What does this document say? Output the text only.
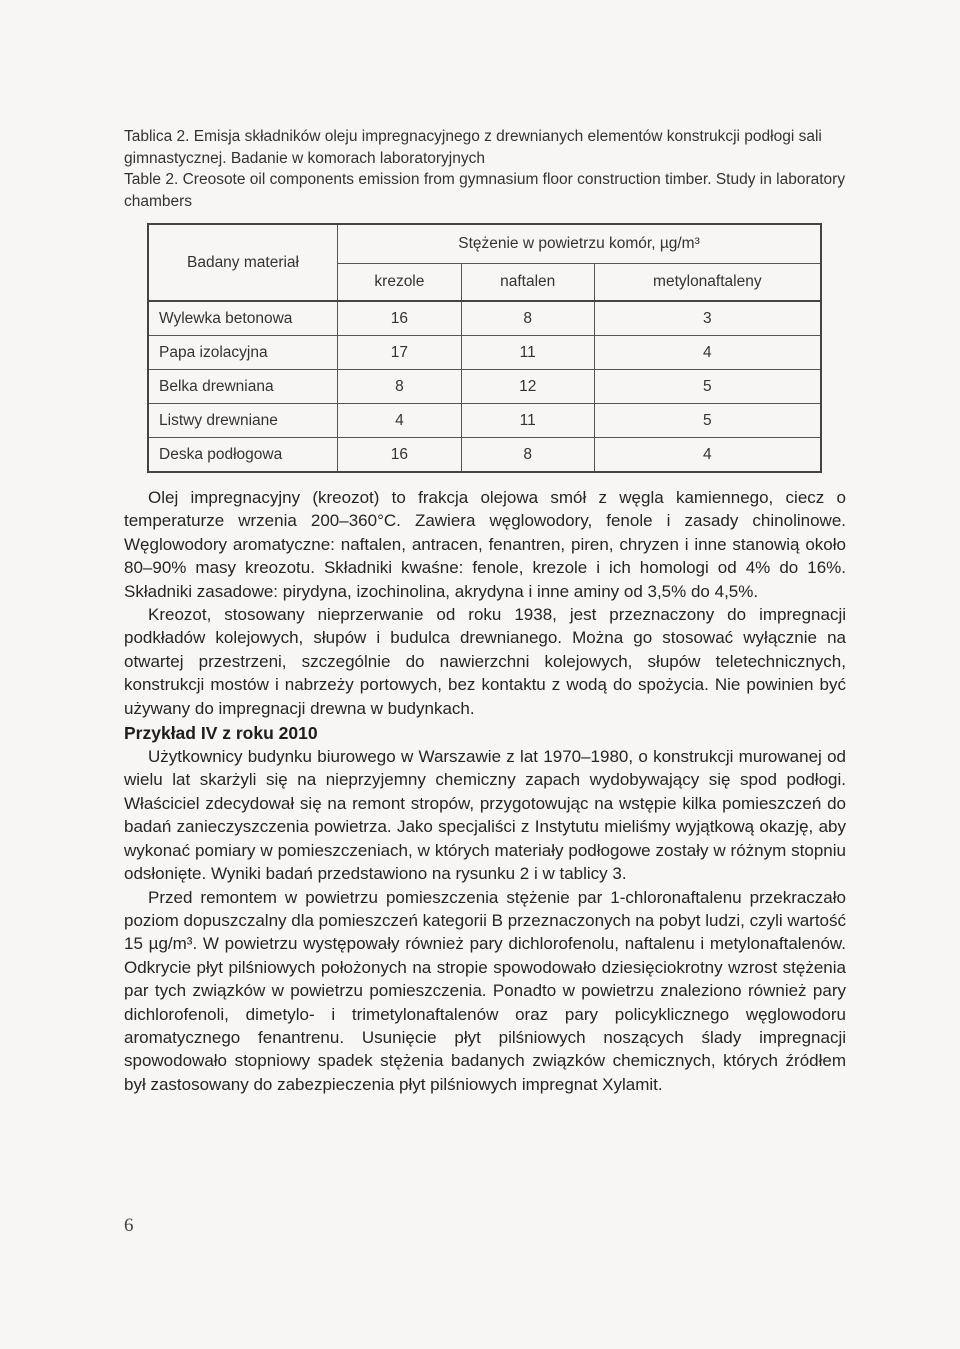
Tablica 2. Emisja składników oleju impregnacyjnego z drewnianych elementów konstrukcji podłogi sali gimnastycznej. Badanie w komorach laboratoryjnych

Table 2. Creosote oil components emission from gymnasium floor construction timber. Study in laboratory chambers

Badany materiał	Stężenie w powietrzu komór, µg/m³		
	krezole	naftalen	metylonaftaleny
Wylewka betonowa	16	8	3
Papa izolacyjna	17	11	4
Belka drewniana	8	12	5
Listwy drewniane	4	11	5
Deska podłogowa	16	8	4

Olej impregnacyjny (kreozot) to frakcja olejowa smół z węgla kamiennego, ciecz o temperaturze wrzenia 200–360°C. Zawiera węglowodory, fenole i zasady chinolinowe. Węglowodory aromatyczne: naftalen, antracen, fenantren, piren, chryzen i inne stanowią około 80–90% masy kreozotu. Składniki kwaśne: fenole, krezole i ich homologi od 4% do 16%. Składniki zasadowe: pirydyna, izochinolina, akrydyna i inne aminy od 3,5% do 4,5%.

Kreozot, stosowany nieprzerwanie od roku 1938, jest przeznaczony do impregnacji podkładów kolejowych, słupów i budulca drewnianego. Można go stosować wyłącznie na otwartej przestrzeni, szczególnie do nawierzchni kolejowych, słupów teletechnicznych, konstrukcji mostów i nabrzeży portowych, bez kontaktu z wodą do spożycia. Nie powinien być używany do impregnacji drewna w budynkach.

Przykład IV z roku 2010

Użytkownicy budynku biurowego w Warszawie z lat 1970–1980, o konstrukcji murowanej od wielu lat skarżyli się na nieprzyjemny chemiczny zapach wydobywający się spod podłogi. Właściciel zdecydował się na remont stropów, przygotowując na wstępie kilka pomieszczeń do badań zanieczyszczenia powietrza. Jako specjaliści z Instytutu mieliśmy wyjątkową okazję, aby wykonać pomiary w pomieszczeniach, w których materiały podłogowe zostały w różnym stopniu odsłonięte. Wyniki badań przedstawiono na rysunku 2 i w tablicy 3.

Przed remontem w powietrzu pomieszczenia stężenie par 1-chloronaftalenu przekraczało poziom dopuszczalny dla pomieszczeń kategorii B przeznaczonych na pobyt ludzi, czyli wartość 15 µg/m³. W powietrzu występowały również pary dichlorofenolu, naftalenu i metylonaftalenów. Odkrycie płyt pilśniowych położonych na stropie spowodowało dziesięciokrotny wzrost stężenia par tych związków w powietrzu pomieszczenia. Ponadto w powietrzu znaleziono również pary dichlorofenoli, dimetylo- i trimetylonaftalenów oraz pary policyklicznego węglowodoru aromatycznego fenantrenu. Usunięcie płyt pilśniowych noszących ślady impregnacji spowodowało stopniowy spadek stężenia badanych związków chemicznych, których źródłem był zastosowany do zabezpieczenia płyt pilśniowych impregnat Xylamit.

6
